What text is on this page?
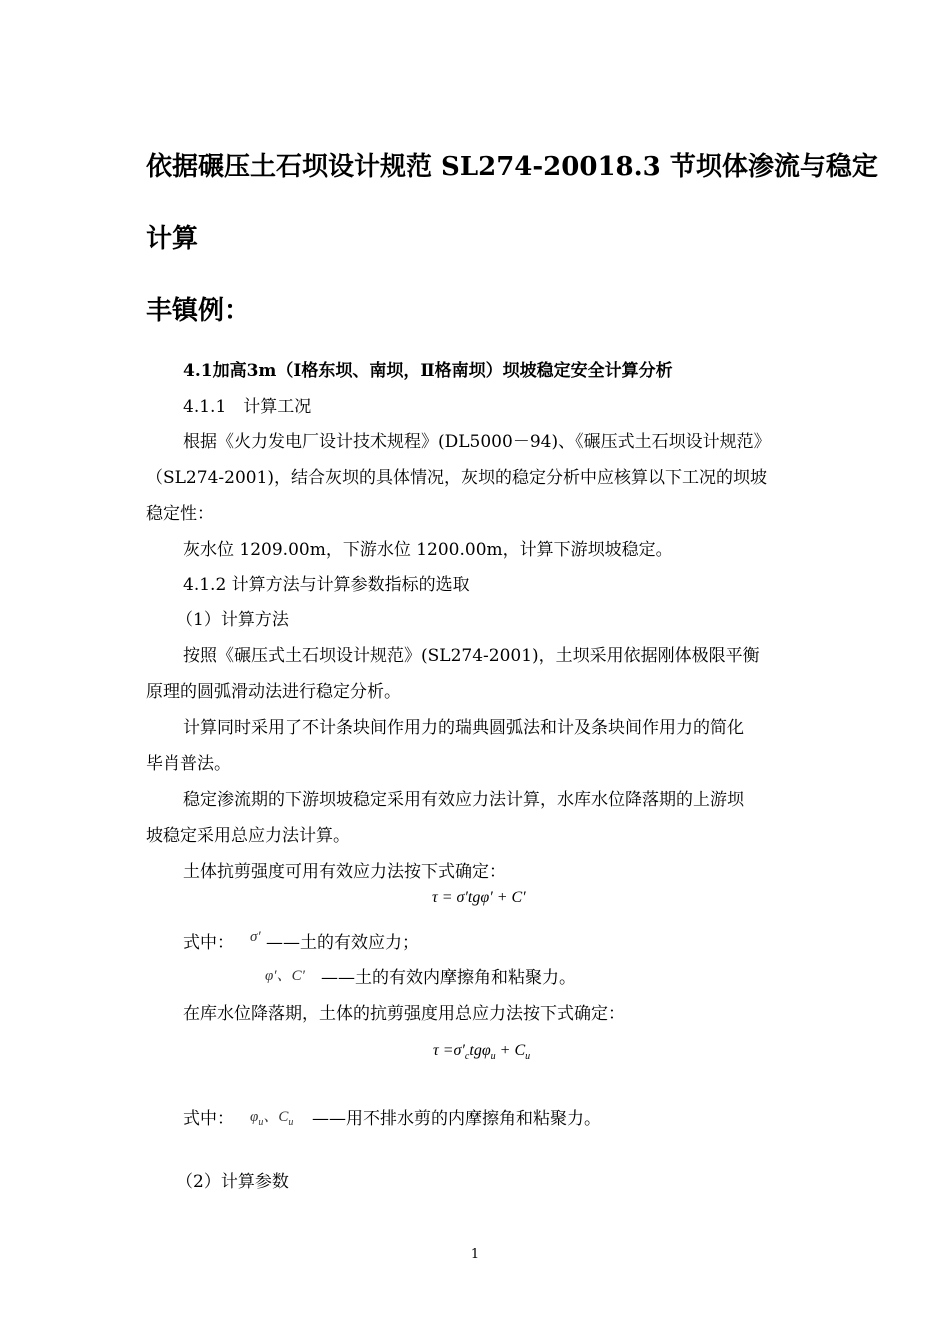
依据碾压土石坝设计规范 SL274-20018.3 节坝体渗流与稳定
计算
丰镇例：
4.1加高3m（Ⅰ格东坝、南坝，Ⅱ格南坝）坝坡稳定安全计算分析
4.1.1　计算工况
根据《火力发电厂设计技术规程》(DL5000－94)、《碾压式土石坝设计规范》
（SL274-2001)，结合灰坝的具体情况，灰坝的稳定分析中应核算以下工况的坝坡
稳定性：
灰水位 1209.00m，下游水位 1200.00m，计算下游坝坡稳定。
4.1.2 计算方法与计算参数指标的选取
（1）计算方法
按照《碾压式土石坝设计规范》(SL274-2001)，土坝采用依据刚体极限平衡
原理的圆弧滑动法进行稳定分析。
计算同时采用了不计条块间作用力的瑞典圆弧法和计及条块间作用力的简化
毕肖普法。
稳定渗流期的下游坝坡稳定采用有效应力法计算，水库水位降落期的上游坝
坡稳定采用总应力法计算。
土体抗剪强度可用有效应力法按下式确定：
τ = σ′tgφ′ + C′
式中： σ′ ——土的有效应力；
φ′、C′ ——土的有效内摩擦角和粘聚力。
在库水位降落期，土体的抗剪强度用总应力法按下式确定：
$\tau =\sigma'_ctg\varphi_u + C_u$
式中： $\varphi_u$、$C_u$ ——用不排水剪的内摩擦角和粘聚力。
（2）计算参数
1
